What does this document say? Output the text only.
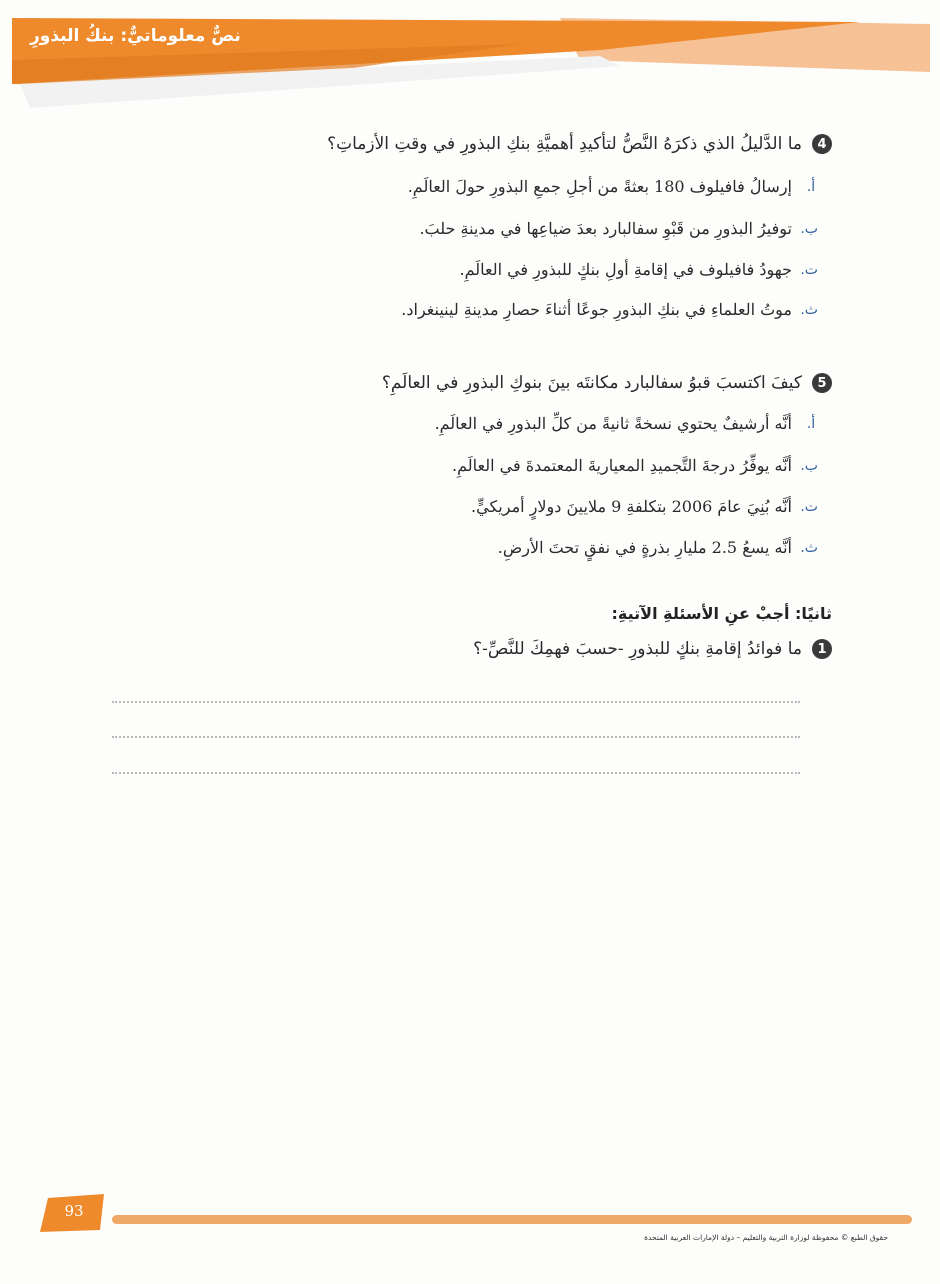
نصٌّ معلوماتيٌّ: بنكُ البذورِ
4
ما الدَّليلُ الذي ذكرَهُ النَّصُّ لتأكيدِ أهميَّةِ بنكِ البذورِ في وقتِ الأزماتِ؟
أ.
إرسالُ فافيلوف 180 بعثةً من أجلِ جمعِ البذورِ حولَ العالَمِ.
ب.
توفيرُ البذورِ من قَبْوِ سفالبارد بعدَ ضياعِها في مدينةِ حلبَ.
ت.
جهودُ فافيلوف في إقامةِ أولِ بنكٍ للبذورِ في العالَمِ.
ث.
موتُ العلماءِ في بنكِ البذورِ جوعًا أثناءَ حصارِ مدينةِ لينينغراد.
5
كيفَ اكتسبَ قبوُ سفالبارد مكانتَه بينَ بنوكِ البذورِ في العالَمِ؟
أ.
أنَّه أرشيفٌ يحتوي نسخةً ثانيةً من كلِّ البذورِ في العالَمِ.
ب.
أنَّه يوفِّرُ درجةَ التَّجميدِ المعياريةَ المعتمدةَ في العالَمِ.
ت.
أنَّه بُنِيَ عامَ 2006 بتكلفةِ 9 ملايينَ دولارٍ أمريكيٍّ.
ث.
أنَّه يسعُ 2.5 مليارِ بذرةٍ في نفقٍ تحتَ الأرضِ.
ثانيًا: أجبْ عنِ الأسئلةِ الآتيةِ:
1
ما فوائدُ إقامةِ بنكٍ للبذورِ -حسبَ فهمِكَ للنَّصِّ-؟
93
حقوق الطبع © محفوظة لوزارة التربية والتعليم – دولة الإمارات العربية المتحدة
